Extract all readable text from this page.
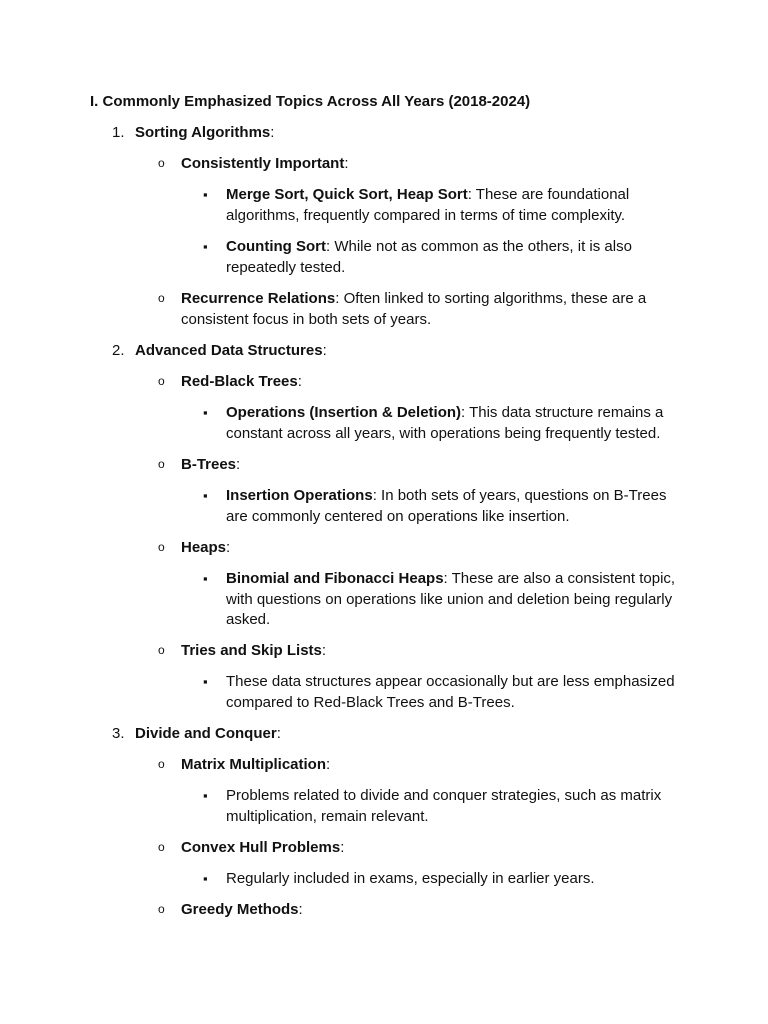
I. Commonly Emphasized Topics Across All Years (2018-2024)
1. Sorting Algorithms:
o Consistently Important:
▪ Merge Sort, Quick Sort, Heap Sort: These are foundational
algorithms, frequently compared in terms of time complexity.
▪ Counting Sort: While not as common as the others, it is also
repeatedly tested.
o Recurrence Relations: Often linked to sorting algorithms, these are a
consistent focus in both sets of years.
2. Advanced Data Structures:
o Red-Black Trees:
▪ Operations (Insertion & Deletion): This data structure remains a
constant across all years, with operations being frequently tested.
o B-Trees:
▪ Insertion Operations: In both sets of years, questions on B-Trees
are commonly centered on operations like insertion.
o Heaps:
▪ Binomial and Fibonacci Heaps: These are also a consistent topic,
with questions on operations like union and deletion being regularly
asked.
o Tries and Skip Lists:
▪ These data structures appear occasionally but are less emphasized
compared to Red-Black Trees and B-Trees.
3. Divide and Conquer:
o Matrix Multiplication:
▪ Problems related to divide and conquer strategies, such as matrix
multiplication, remain relevant.
o Convex Hull Problems:
▪ Regularly included in exams, especially in earlier years.
o Greedy Methods:
